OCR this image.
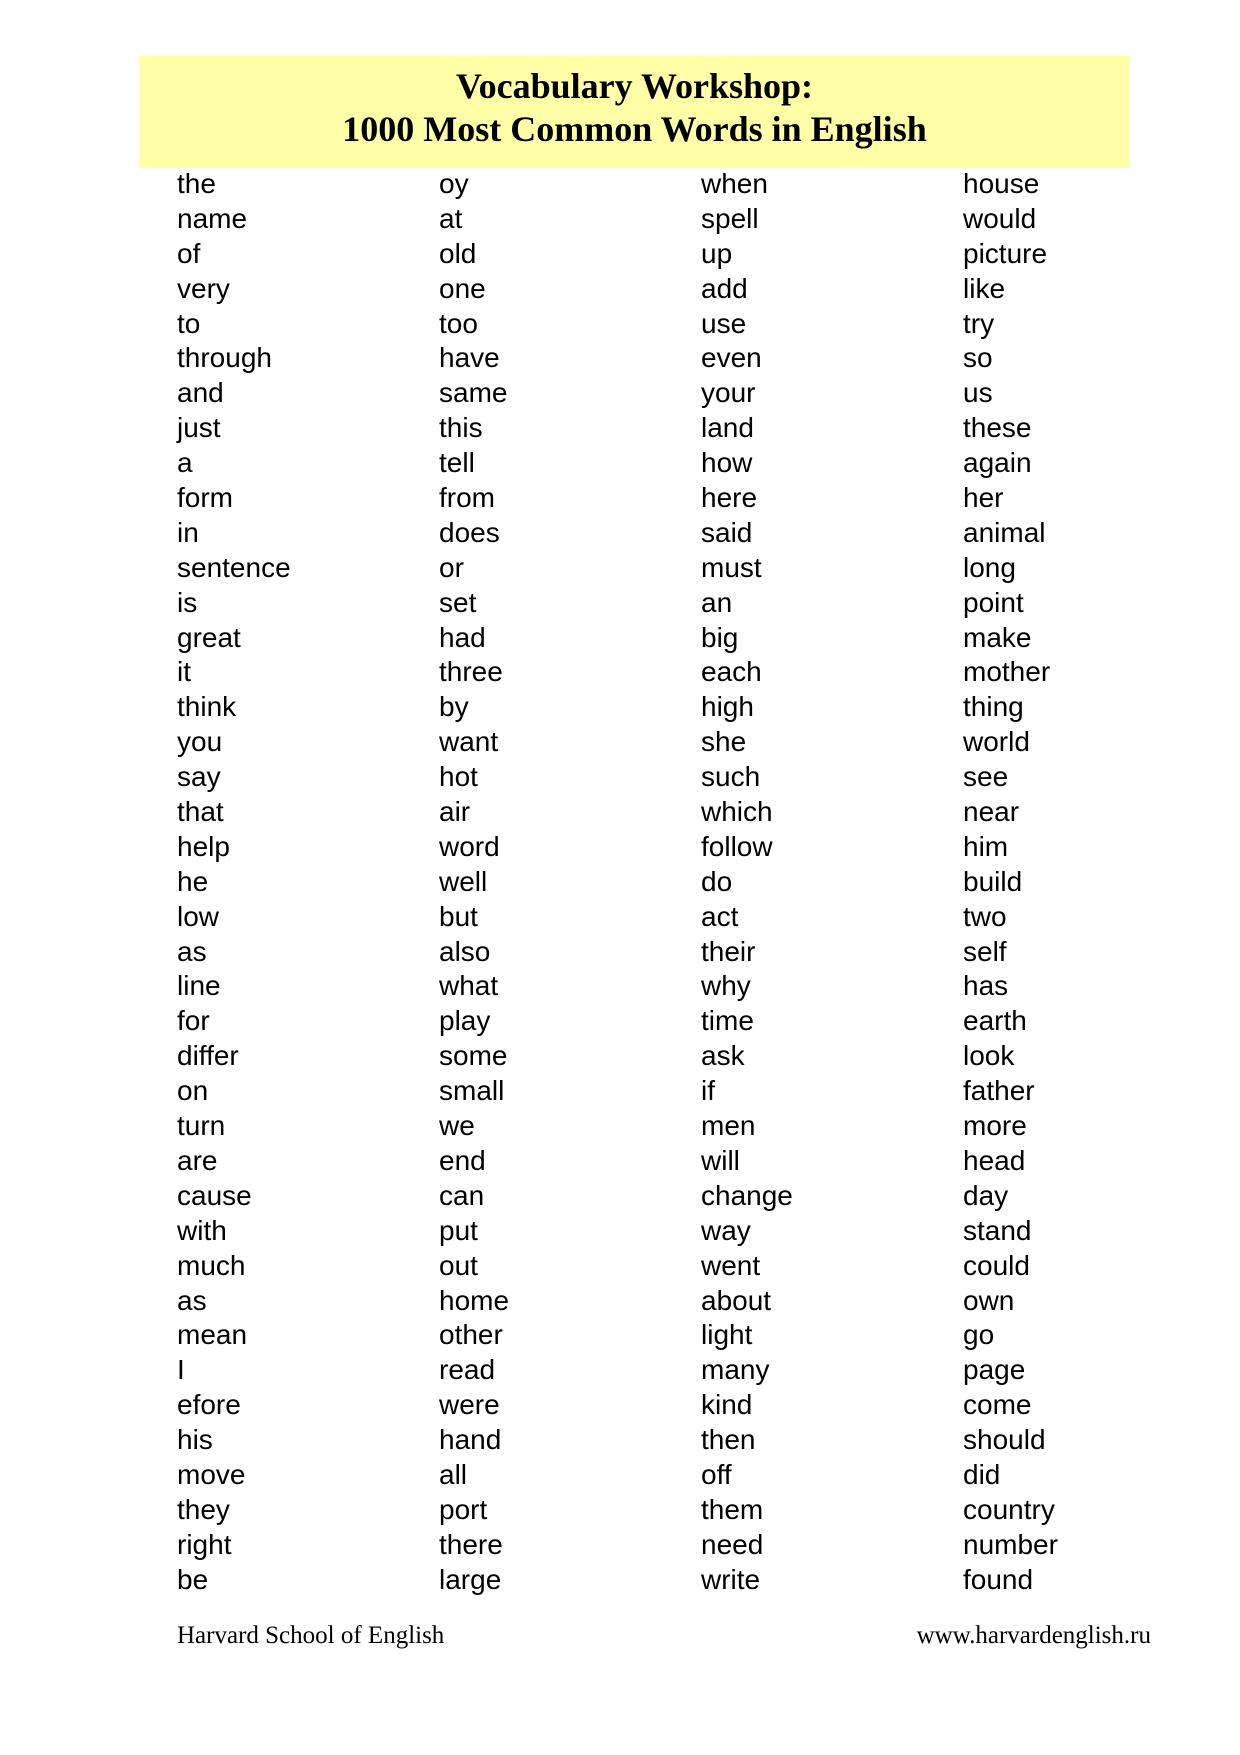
Vocabulary Workshop:
1000 Most Common Words in English
the
name
of
very
to
through
and
just
a
form
in
sentence
is
great
it
think
you
say
that
help
he
low
as
line
for
differ
on
turn
are
cause
with
much
as
mean
I
efore
his
move
they
right
be
oy
at
old
one
too
have
same
this
tell
from
does
or
set
had
three
by
want
hot
air
word
well
but
also
what
play
some
small
we
end
can
put
out
home
other
read
were
hand
all
port
there
large
when
spell
up
add
use
even
your
land
how
here
said
must
an
big
each
high
she
such
which
follow
do
act
their
why
time
ask
if
men
will
change
way
went
about
light
many
kind
then
off
them
need
write
house
would
picture
like
try
so
us
these
again
her
animal
long
point
make
mother
thing
world
see
near
him
build
two
self
has
earth
look
father
more
head
day
stand
could
own
go
page
come
should
did
country
number
found
Harvard School of English	www.harvardenglish.ru
